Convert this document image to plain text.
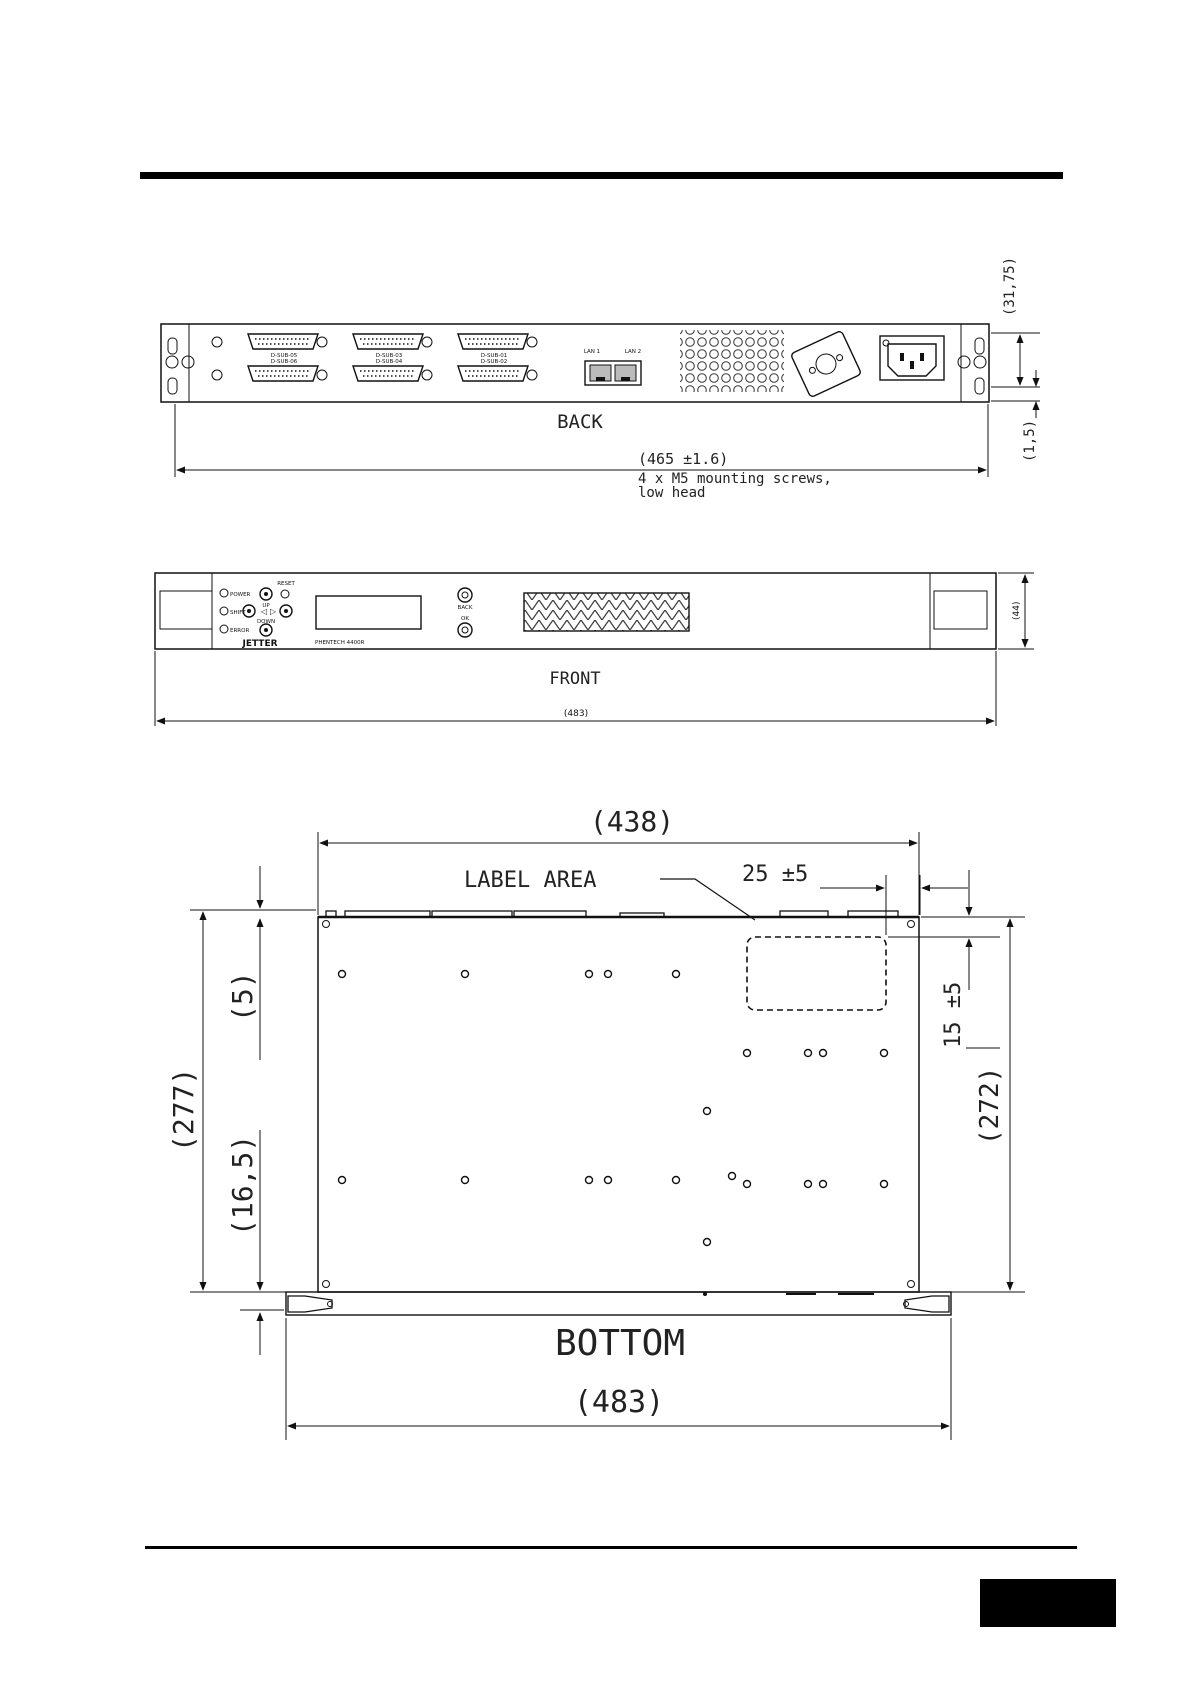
D-SUB-05
D-SUB-06
D-SUB-03
D-SUB-04
D-SUB-01
D-SUB-02
LAN 1	LAN 2
BACK
(465 ±1.6)
4 x M5 mounting screws,
low head
(31,75)
(1,5)
POWER
SHIFT
ERROR
UP
◁ ▷
DOWN
RESET
JETTER	PHENTECH 4400R
BACK
OK
FRONT
(483)
(44)
LABEL AREA
(438)
25 ±5
15 ±5
(272)
(277)
(5)
(16,5)
BOTTOM
(483)
